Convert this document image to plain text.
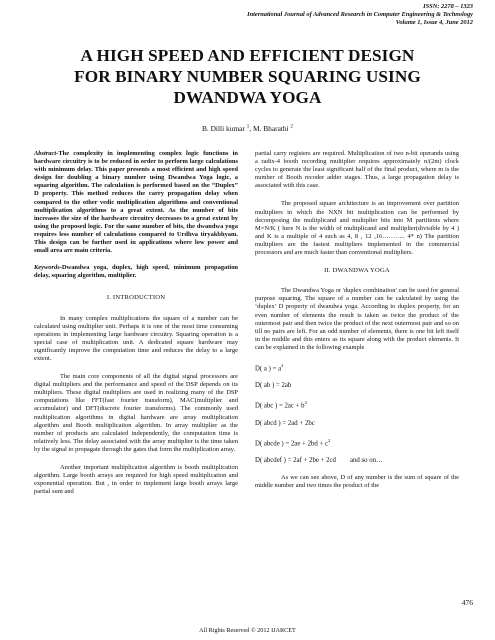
ISSN: 2278 – 1323
International Journal of Advanced Research in Computer Engineering & Technology
Volume 1, Issue 4, June 2012
A HIGH SPEED AND EFFICIENT DESIGN
FOR BINARY NUMBER SQUARING USING
DWANDWA YOGA
B. Dilli kumar $^1$, M. Bharathi $^2$

Abstract-The complexity in implementing complex logic functions in hardware circuitry is to be reduced in order to perform large calculations with minimum delay. This paper presents a most efficient and high speed design for doubling a binary number using Dwandwa Yoga logic, a squaring algorithm. The calculation is performed based on the “Duplex” D property. This method reduces the carry propagation delay when compared to the other vedic multiplication algorithms and conventional multiplication algorithms to a great extent. As the number of bits increases the size of the hardware circuitry decreases to a great extent by using the proposed logic. For the same number of bits, the dwandwa yoga requires less number of calculations compared to Urdhva tiryakbhyam. This design can be further used in applications where low power and small area are main criteria.

Keywords-Dwandwa yoga, duplex, high speed, minimum propagation delay, squaring algorithm, multiplier.

I. INTRODUCTION

In many complex multiplications the square of a number can be calculated using multiplier unit. Perhaps it is one of the most time consuming operations in implementing large hardware circuitry. Squaring operation is a special case of multiplication unit. A dedicated square hardware may significantly improve the computation time and reduces the delay to a large extent.

The main core components of all the digital signal processors are digital multipliers and the performance and speed of the DSP depends on its multipliers. These digital multipliers are used in realizing many of the DSP computations like FFT(fast fourier transform), MAC(multiplier and accumulator) and DFT(discrete fourier transforms). The commonly used multiplication algorithms in digital hardware are array multiplication algorithm and Booth multiplication algorithm. In array multiplier as the number of products are calculated independently, the computation time is relatively less. The delay associated with the array multiplier is the time taken by the signal to propagate through the gates that form the multiplication array.

Another important multiplication algorithm is booth multiplication algorithm. Large booth arrays are required for high speed multiplication and exponential operation. But , in order to implement large booth arrays large partial sum and

partial carry registers are required. Multiplication of two n-bit operands using a radix-4 booth recording multiplier requires approximately n/(2m) clock cycles to generate the least significant half of the final product, where m is the number of Booth recoder adder stages. Thus, a large propagation delay is associated with this case.

The proposed square architecture is an improvement over partition multipliers in which the NXN bit multiplication can be performed by decomposing the multiplicand and multiplier bits into M partitions where M=N/K ( here N is the width of multiplicand and multiplier(divisible by 4 ) and K is a multiple of 4 such as 4, 8 , 12 ,16……….. 4* n) The partition multipliers are the fastest multipliers implemented in the commercial processors and are much faster than conventional multipliers.

II. DWANDWA YOGA

The Dwandwa Yoga or 'duplex combination' can be used for general purpose squaring. The square of a number can be calculated by using the ‘duplex’ D property of dwandwa yoga. According to duplex property, for an even number of elements the result is taken as twice the product of the outermost pair and then twice the product of the next outermost pair and so on till no pairs are left. For an odd number of elements, there is one bit left itself in the middle and this enters as its square along with the product elements. It can be explained in the following example

D( a ) = $a^2$
D( ab ) = 2ab
D( abc ) = $2ac + b^2$
D( abcd ) = 2ad + 2bc
D( abcde ) = $2ae + 2bd + c^2$
D( abcdef ) = 2af + 2be + 2cd and so on…

As we can see above, D of any number is the sum of square of the middle number and two times the product of the

476
All Rights Reserved © 2012 IJARCET
